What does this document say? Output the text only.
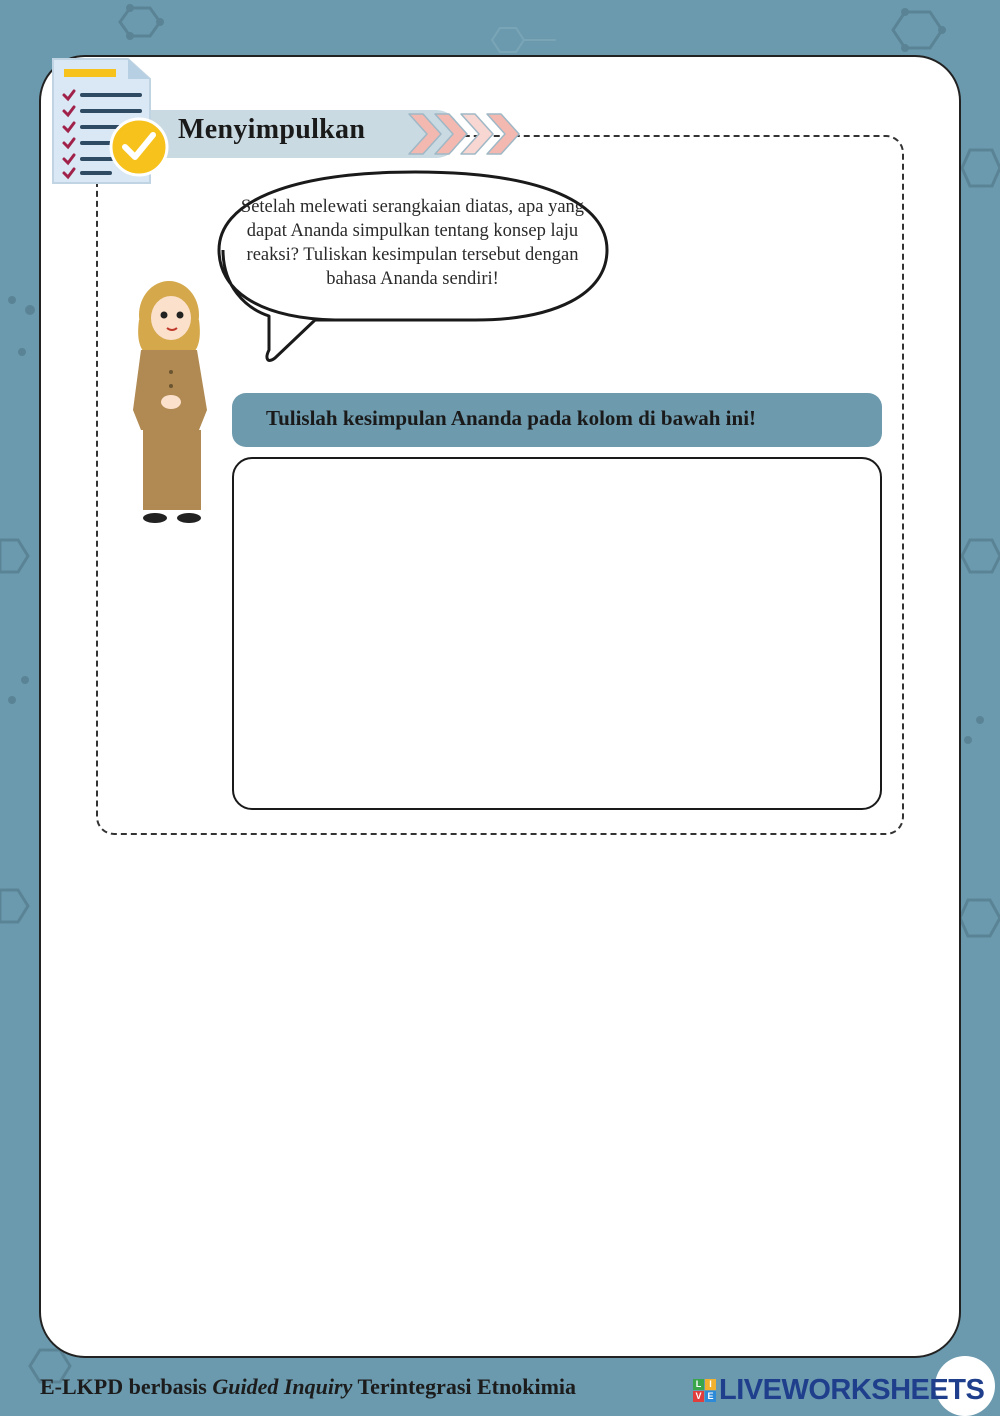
Menyimpulkan
Setelah melewati serangkaian diatas, apa yang dapat Ananda simpulkan tentang konsep laju reaksi? Tuliskan kesimpulan tersebut dengan bahasa Ananda sendiri!
Tulislah kesimpulan Ananda pada kolom di bawah ini!
E-LKPD berbasis Guided Inquiry Terintegrasi Etnokimia	L I
V E LIVEWORKSHEETS
